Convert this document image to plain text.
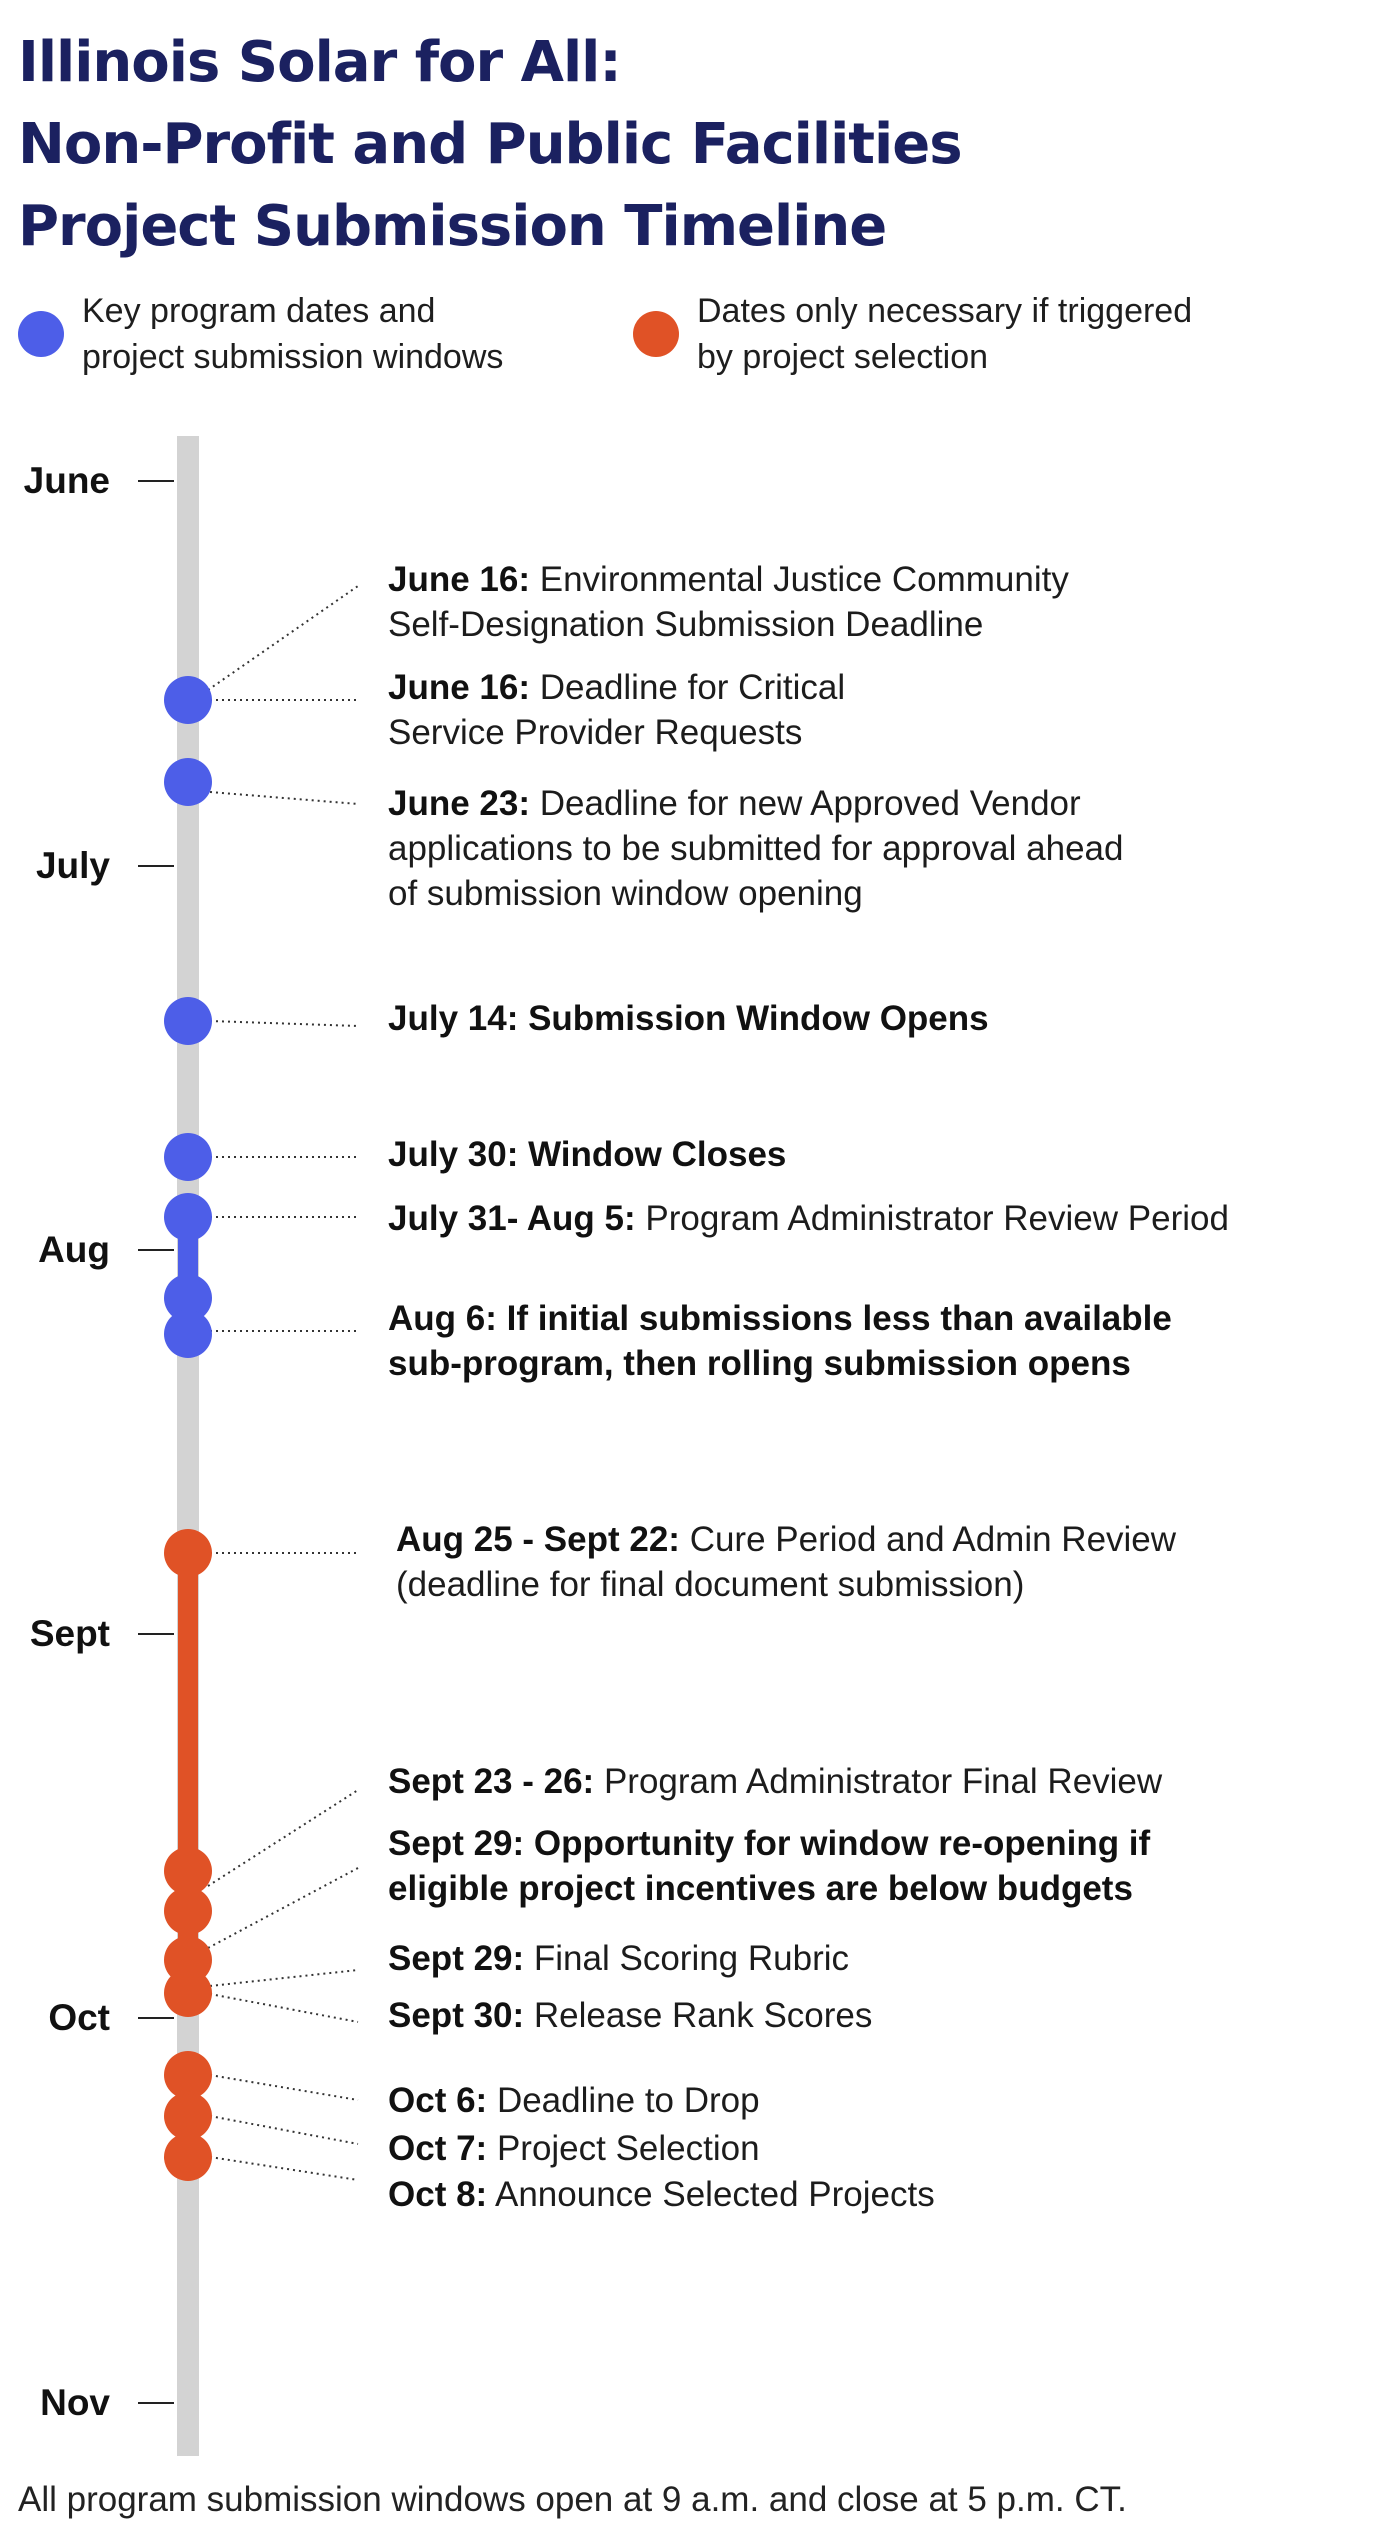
Illinois Solar for All:
Non-Profit and Public Facilities
Project Submission Timeline
Key program dates and
project submission windows
Dates only necessary if triggered
by project selection
June
July
Aug
Sept
Oct
Nov
June 16: Environmental Justice Community
Self-Designation Submission Deadline
June 16: Deadline for Critical
Service Provider Requests
June 23: Deadline for new Approved Vendor
applications to be submitted for approval ahead
of submission window opening
July 14: Submission Window Opens
July 30: Window Closes
July 31- Aug 5: Program Administrator Review Period
Aug 6: If initial submissions less than available
sub-program, then rolling submission opens
Aug 25 - Sept 22: Cure Period and Admin Review
(deadline for final document submission)
Sept 23 - 26: Program Administrator Final Review
Sept 29: Opportunity for window re-opening if
eligible project incentives are below budgets
Sept 29: Final Scoring Rubric
Sept 30: Release Rank Scores
Oct 6: Deadline to Drop
Oct 7: Project Selection
Oct 8: Announce Selected Projects

All program submission windows open at 9 a.m. and close at 5 p.m. CT.
